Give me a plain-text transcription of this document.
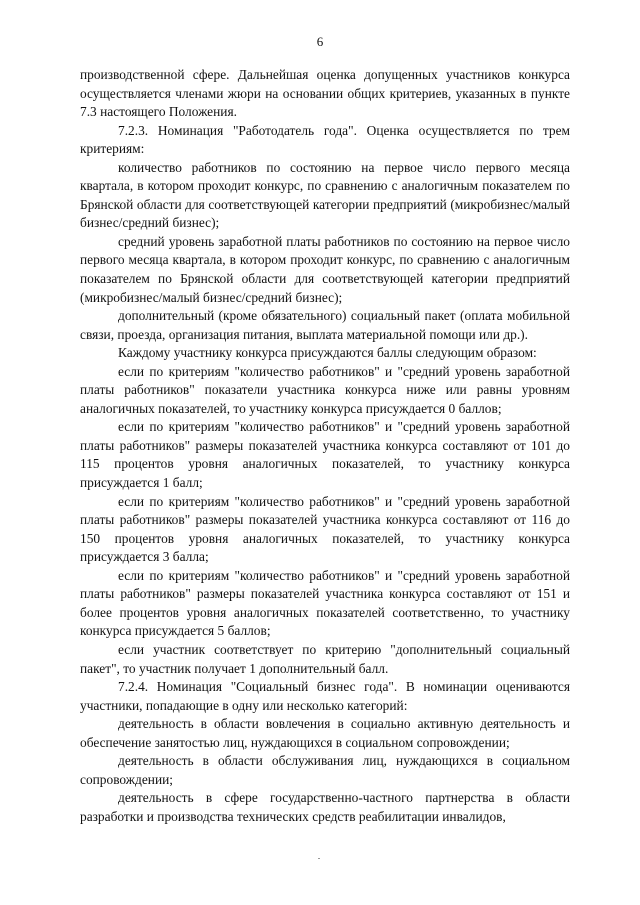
6

производственной сфере. Дальнейшая оценка допущенных участников конкурса осуществляется членами жюри на основании общих критериев, указанных в пункте 7.3 настоящего Положения.

7.2.3. Номинация "Работодатель года". Оценка осуществляется по трем критериям:

количество работников по состоянию на первое число первого месяца квартала, в котором проходит конкурс, по сравнению с аналогичным показателем по Брянской области для соответствующей категории предприятий (микробизнес/малый бизнес/средний бизнес);

средний уровень заработной платы работников по состоянию на первое число первого месяца квартала, в котором проходит конкурс, по сравнению с аналогичным показателем по Брянской области для соответствующей категории предприятий (микробизнес/малый бизнес/средний бизнес);

дополнительный (кроме обязательного) социальный пакет (оплата мобильной связи, проезда, организация питания, выплата материальной помощи или др.).

Каждому участнику конкурса присуждаются баллы следующим образом:

если по критериям "количество работников" и "средний уровень заработной платы работников" показатели участника конкурса ниже или равны уровням аналогичных показателей, то участнику конкурса присуждается 0 баллов;

если по критериям "количество работников" и "средний уровень заработной платы работников" размеры показателей участника конкурса составляют от 101 до 115 процентов уровня аналогичных показателей, то участнику конкурса присуждается 1 балл;

если по критериям "количество работников" и "средний уровень заработной платы работников" размеры показателей участника конкурса составляют от 116 до 150 процентов уровня аналогичных показателей, то участнику конкурса присуждается 3 балла;

если по критериям "количество работников" и "средний уровень заработной платы работников" размеры показателей участника конкурса составляют от 151 и более процентов уровня аналогичных показателей соответственно, то участнику конкурса присуждается 5 баллов;

если участник соответствует по критерию "дополнительный социальный пакет", то участник получает 1 дополнительный балл.

7.2.4. Номинация "Социальный бизнес года". В номинации оцениваются участники, попадающие в одну или несколько категорий:

деятельность в области вовлечения в социально активную деятельность и обеспечение занятостью лиц, нуждающихся в социальном сопровождении;

деятельность в области обслуживания лиц, нуждающихся в социальном сопровождении;

деятельность в сфере государственно-частного партнерства в области разработки и производства технических средств реабилитации инвалидов,
